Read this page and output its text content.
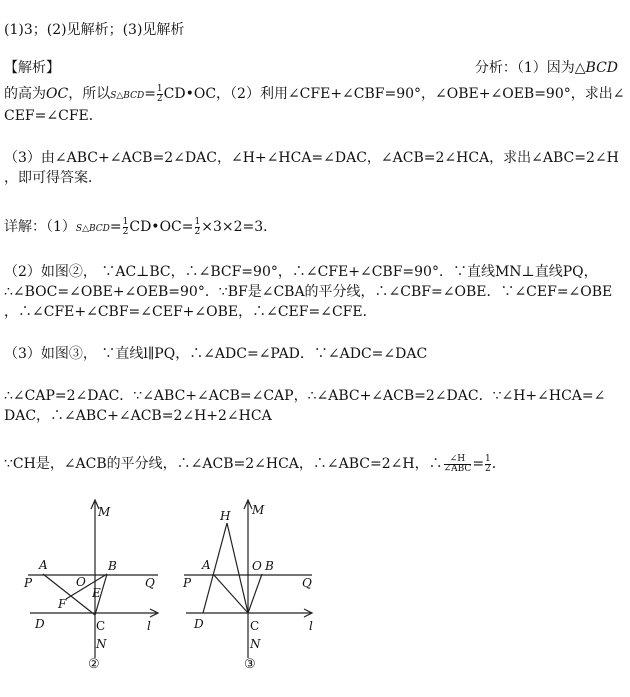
(1)3；(2)见解析；(3)见解析
【解析】	分析：（1）因为△BCD
的高为OC，所以S△BCD= $\frac{1}{2}$ CD•OC，（2）利用∠CFE+∠CBF=90°，∠OBE+∠OEB=90°，求出∠
CEF=∠CFE．
（3）由∠ABC+∠ACB=2∠DAC，∠H+∠HCA=∠DAC，∠ACB=2∠HCA，求出∠ABC=2∠H
，即可得答案．
详解：（1）S△BCD= $\frac{1}{2}$ CD•OC= $\frac{1}{2} \times 3\times 2=3$．
（2）如图②， ∵AC⊥BC，∴∠BCF=90°，∴∠CFE+∠CBF=90°．∵直线MN⊥直线PQ，
∴∠BOC=∠OBE+∠OEB=90°．∵BF是∠CBA的平分线，∴∠CBF=∠OBE．∵∠CEF=∠OBE
，∴∠CFE+∠CBF=∠CEF+∠OBE，∴∠CEF=∠CFE．
（3）如图③， ∵直线l∥PQ，∴∠ADC=∠PAD．∵∠ADC=∠DAC
∴∠CAP=2∠DAC．∵∠ABC+∠ACB=∠CAP，∴∠ABC+∠ACB=2∠DAC．∵∠H+∠HCA=∠
DAC，∴∠ABC+∠ACB=2∠H+2∠HCA
∵CH是，∠ACB的平分线，∴∠ACB=2∠HCA，∴∠ABC=2∠H，∴ $\frac{\angle H}{\text{∠ABC}} = \frac{1}{2}$ ．
M
A	B
P	O	Q
E
F
D	C	l
N
②
H M
A	O B
P	Q
D	C	l
N
③
